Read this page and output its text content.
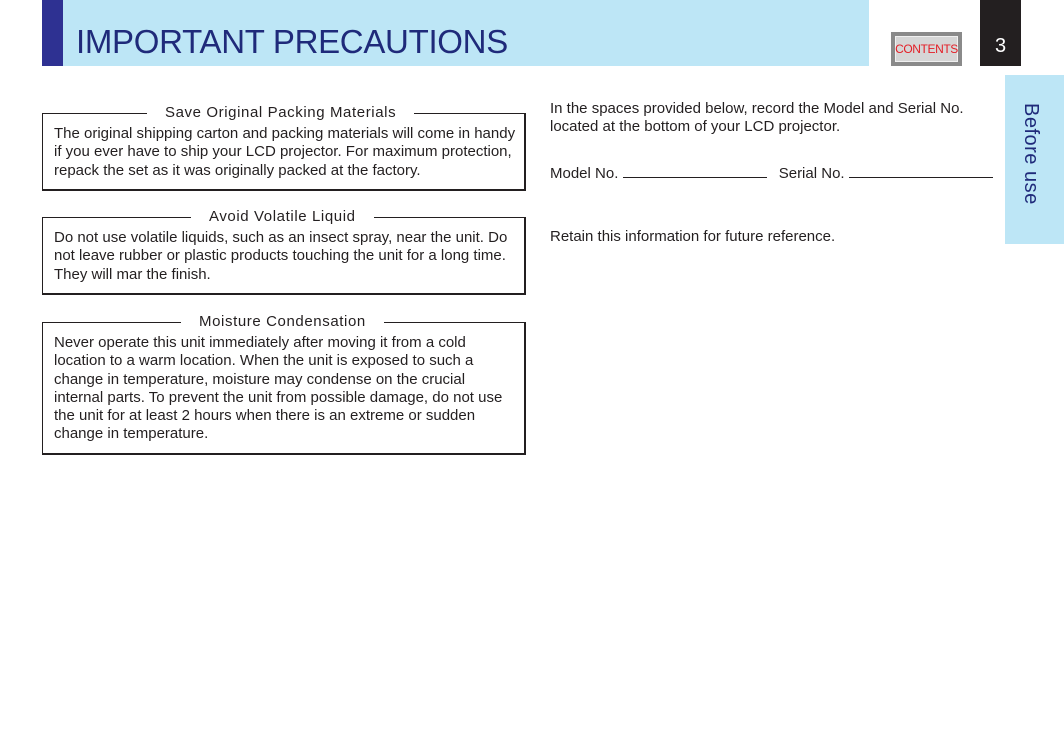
IMPORTANT PRECAUTIONS	CONTENTS	3
Before use
Save Original Packing Materials
The original shipping carton and packing materials will come in handy if you ever have to ship your LCD projector. For maximum protection, repack the set as it was originally packed at the factory.
Avoid Volatile Liquid
Do not use volatile liquids, such as an insect spray, near the unit. Do not leave rubber or plastic products touching the unit for a long time. They will mar the finish.
Moisture Condensation
Never operate this unit immediately after moving it from a cold location to a warm location. When the unit is exposed to such a change in temperature, moisture may condense on the crucial internal parts. To prevent the unit from possible damage, do not use the unit for at least 2 hours when there is an extreme or sudden change in temperature.
In the spaces provided below, record the Model and Serial No. located at the bottom of your LCD projector.
Model No.	Serial No.
Retain this information for future reference.
